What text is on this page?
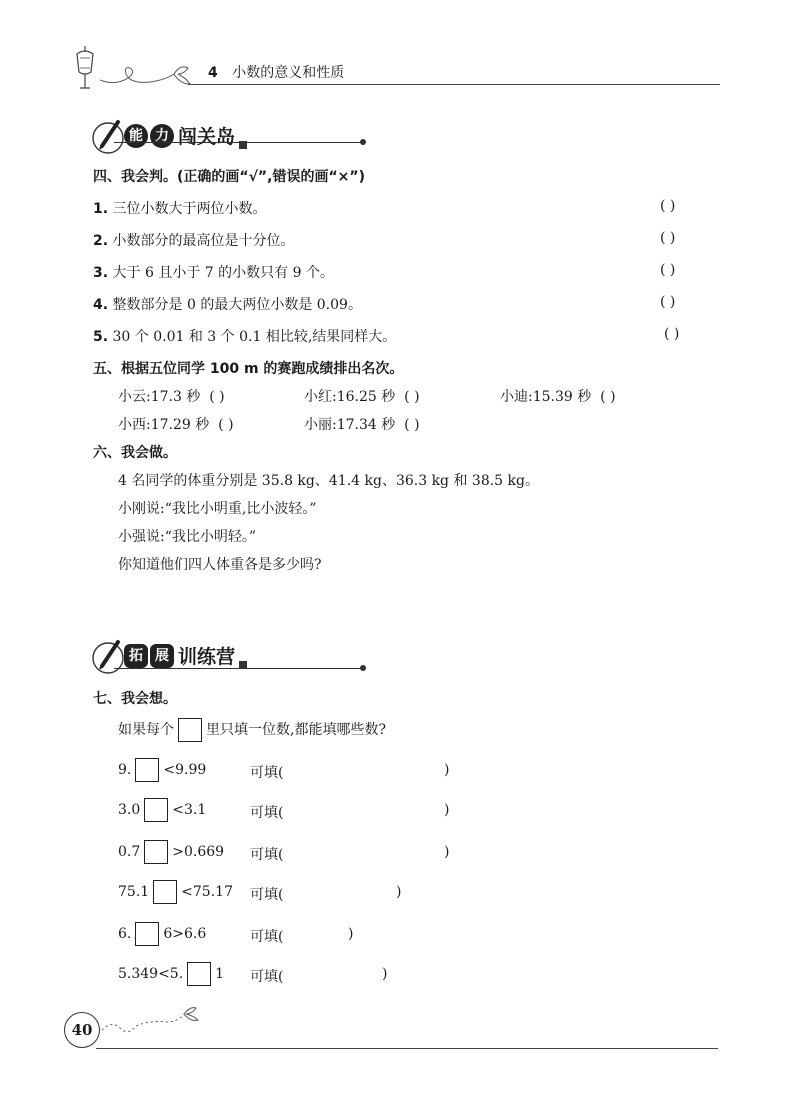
4 小数的意义和性质
能 力 闯关岛
四、我会判。(正确的画“√”,错误的画“×”)
1. 三位小数大于两位小数。	( )
2. 小数部分的最高位是十分位。	( )
3. 大于 6 且小于 7 的小数只有 9 个。	( )
4. 整数部分是 0 的最大两位小数是 0.09。	( )
5. 30 个 0.01 和 3 个 0.1 相比较,结果同样大。	( )
五、根据五位同学 100 m 的赛跑成绩排出名次。
小云:17.3 秒 ( )	小红:16.25 秒 ( )	小迪:15.39 秒 ( )
小西:17.29 秒 ( )	小丽:17.34 秒 ( )
六、我会做。
4 名同学的体重分别是 35.8 kg、41.4 kg、36.3 kg 和 38.5 kg。
小刚说:“我比小明重,比小波轻。”
小强说:“我比小明轻。”
你知道他们四人体重各是多少吗?
拓 展 训练营
七、我会想。
如果每个 里只填一位数,都能填哪些数?
9. <9.99	可填(	)
3.0 <3.1	可填(	)
0.7 >0.669 可填(	)
75.1 <75.17 可填(	)
6. 6>6.6	可填(	)
5.349<5. 1 可填(	)
40
